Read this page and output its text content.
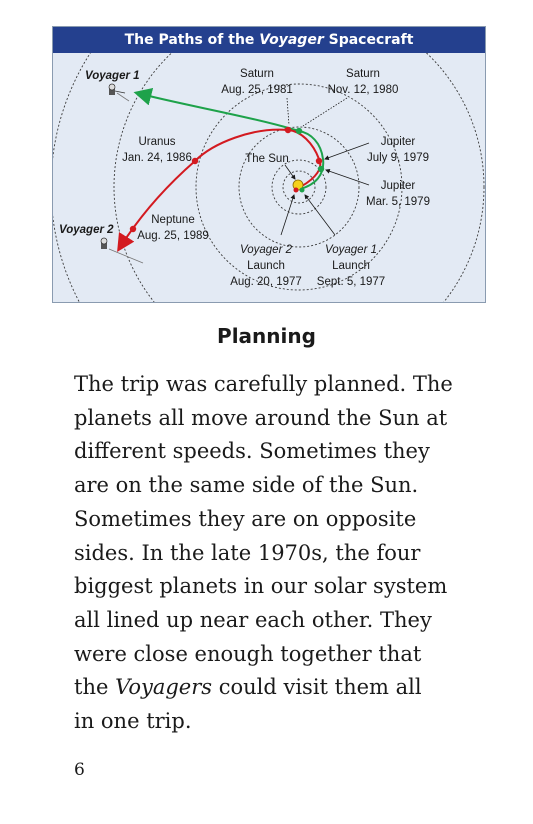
Voyager 1
Voyager 2
Saturn
Aug. 25, 1981
Saturn
Nov. 12, 1980
Uranus
Jan. 24, 1986	The Sun
Jupiter
July 9, 1979
Jupiter
Mar. 5, 1979
Neptune
Aug. 25, 1989
Voyager 2
Launch
Aug. 20, 1977
Voyager 1
Launch
Sept. 5, 1977
The Paths of the Voyager Spacecraft
Planning
The trip was carefully planned. The
planets all move around the Sun at
different speeds. Sometimes they
are on the same side of the Sun.
Sometimes they are on opposite
sides. In the late 1970s, the four
biggest planets in our solar system
all lined up near each other. They
were close enough together that
the Voyagers could visit them all
in one trip.
6
